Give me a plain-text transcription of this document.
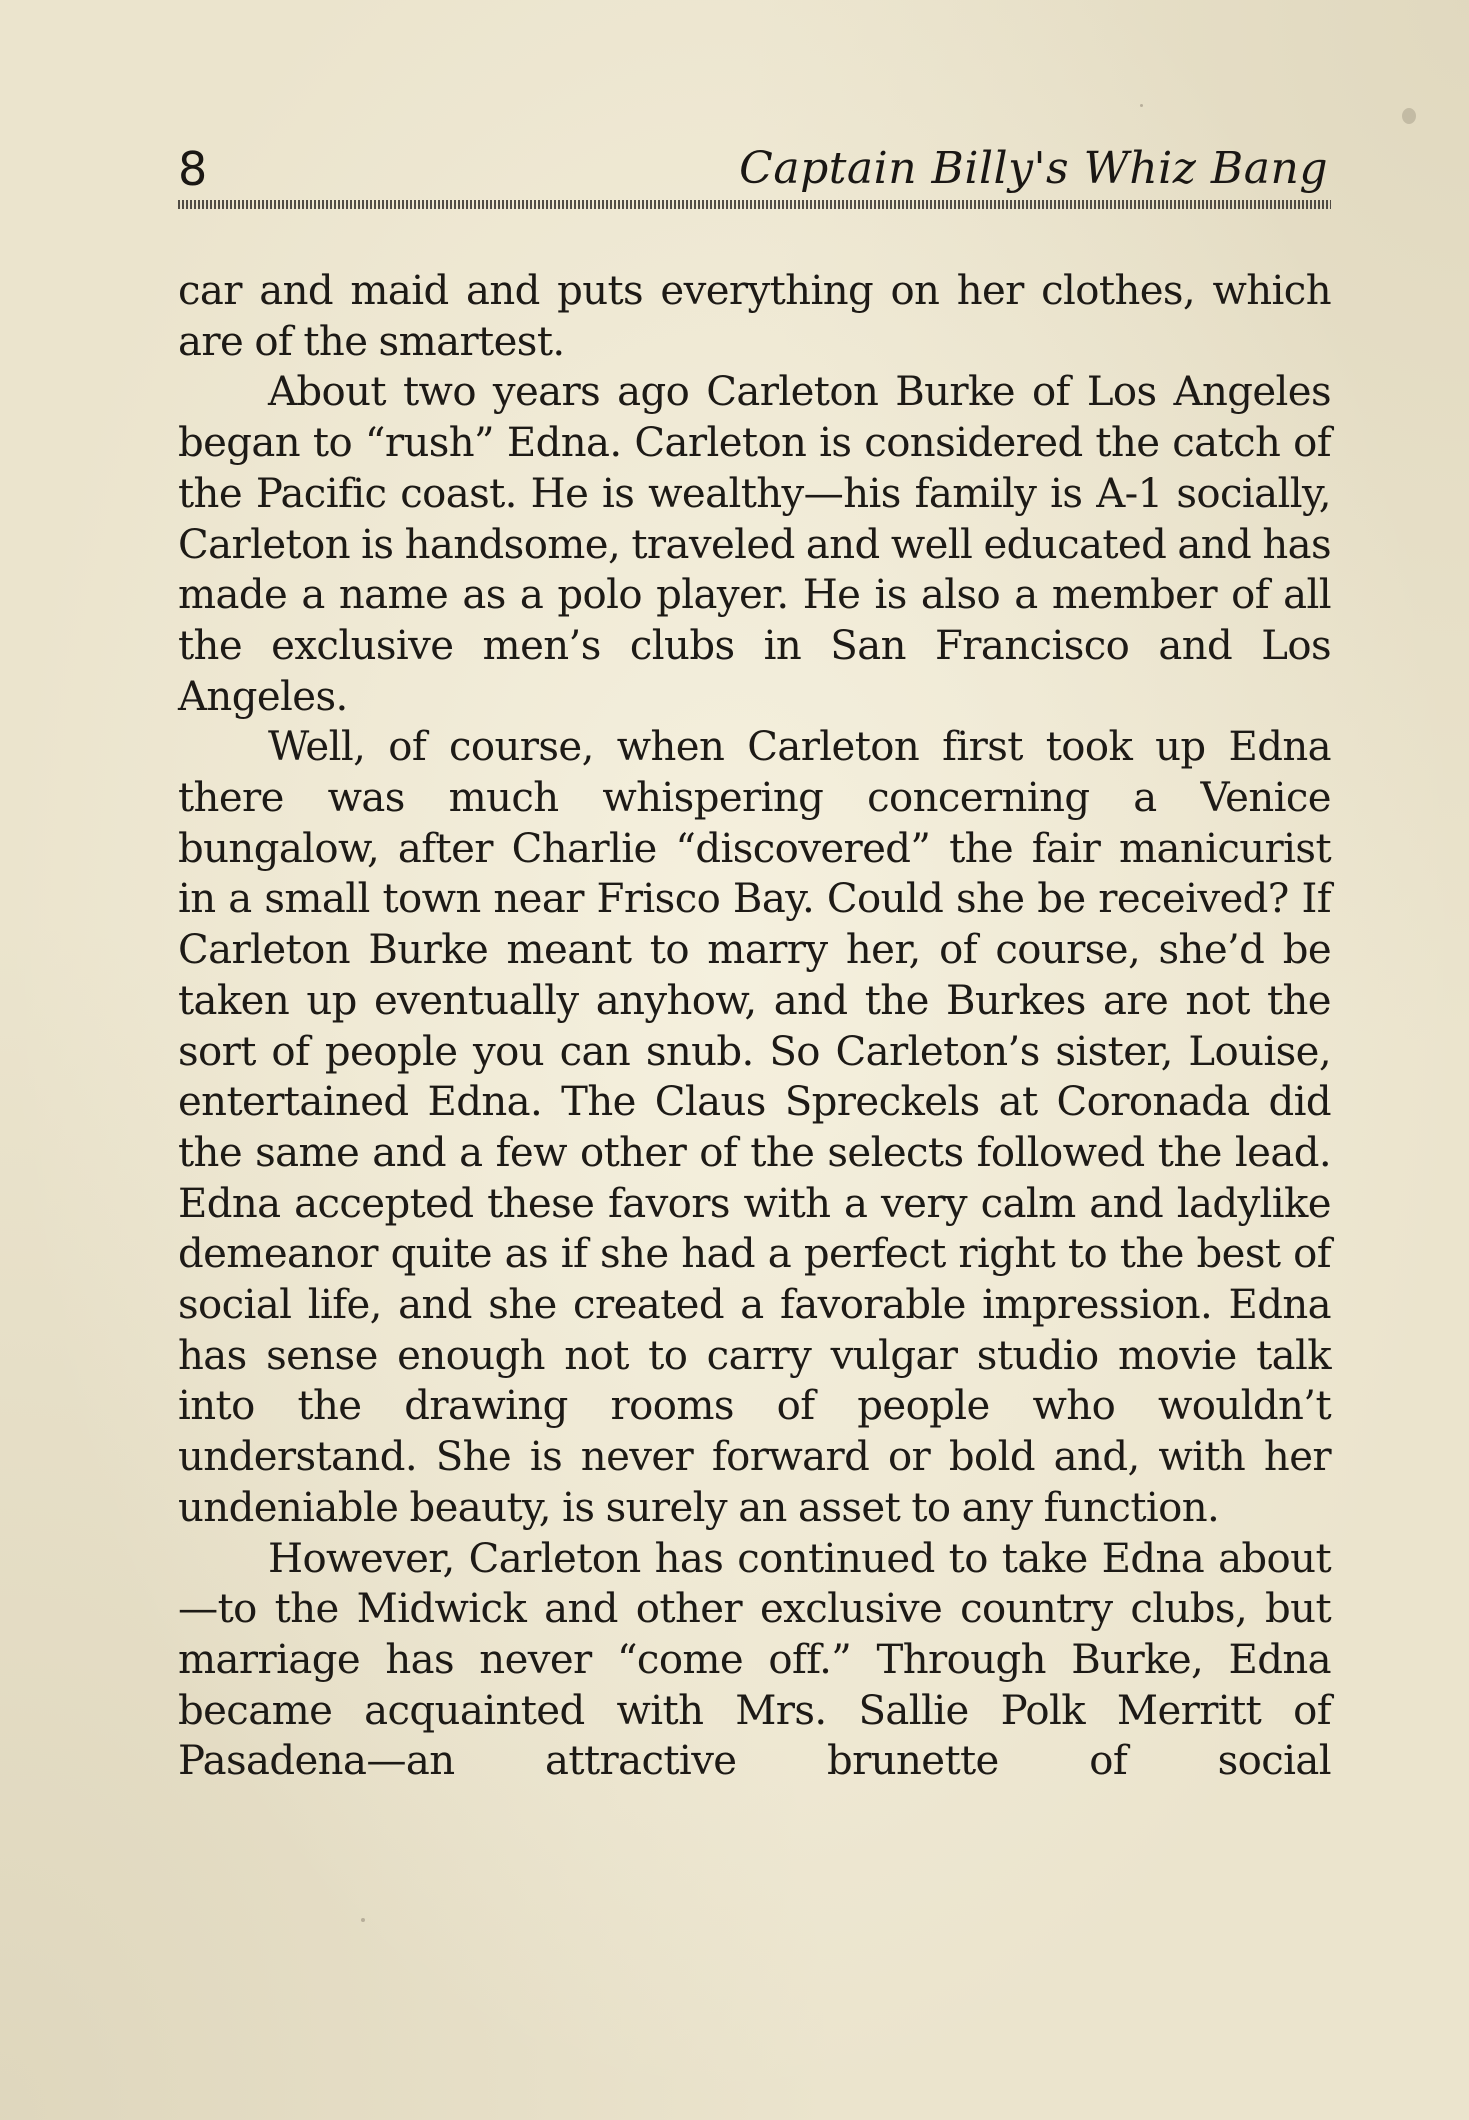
8	Captain Billy's Whiz Bang

car and maid and puts everything on her clothes, which are of the smartest.

About two years ago Carleton Burke of Los Angeles began to “rush” Edna. Carleton is considered the catch of the Pacific coast. He is wealthy—his family is A-1 socially, Carleton is handsome, traveled and well educated and has made a name as a polo player. He is also a member of all the exclusive men’s clubs in San Francisco and Los Angeles.

Well, of course, when Carleton first took up Edna there was much whispering concerning a Venice bungalow, after Charlie “discovered” the fair manicurist in a small town near Frisco Bay. Could she be received? If Carleton Burke meant to marry her, of course, she’d be taken up eventually anyhow, and the Burkes are not the sort of people you can snub. So Carleton’s sister, Louise, entertained Edna. The Claus Spreckels at Coronada did the same and a few other of the selects followed the lead. Edna accepted these favors with a very calm and ladylike demeanor quite as if she had a perfect right to the best of social life, and she created a favorable impression. Edna has sense enough not to carry vulgar studio movie talk into the drawing rooms of people who wouldn’t understand. She is never forward or bold and, with her undeniable beauty, is surely an asset to any function.

However, Carleton has continued to take Edna about—to the Midwick and other exclusive country clubs, but marriage has never “come off.” Through Burke, Edna became acquainted with Mrs. Sallie Polk Merritt of Pasadena—an attractive brunette of social
